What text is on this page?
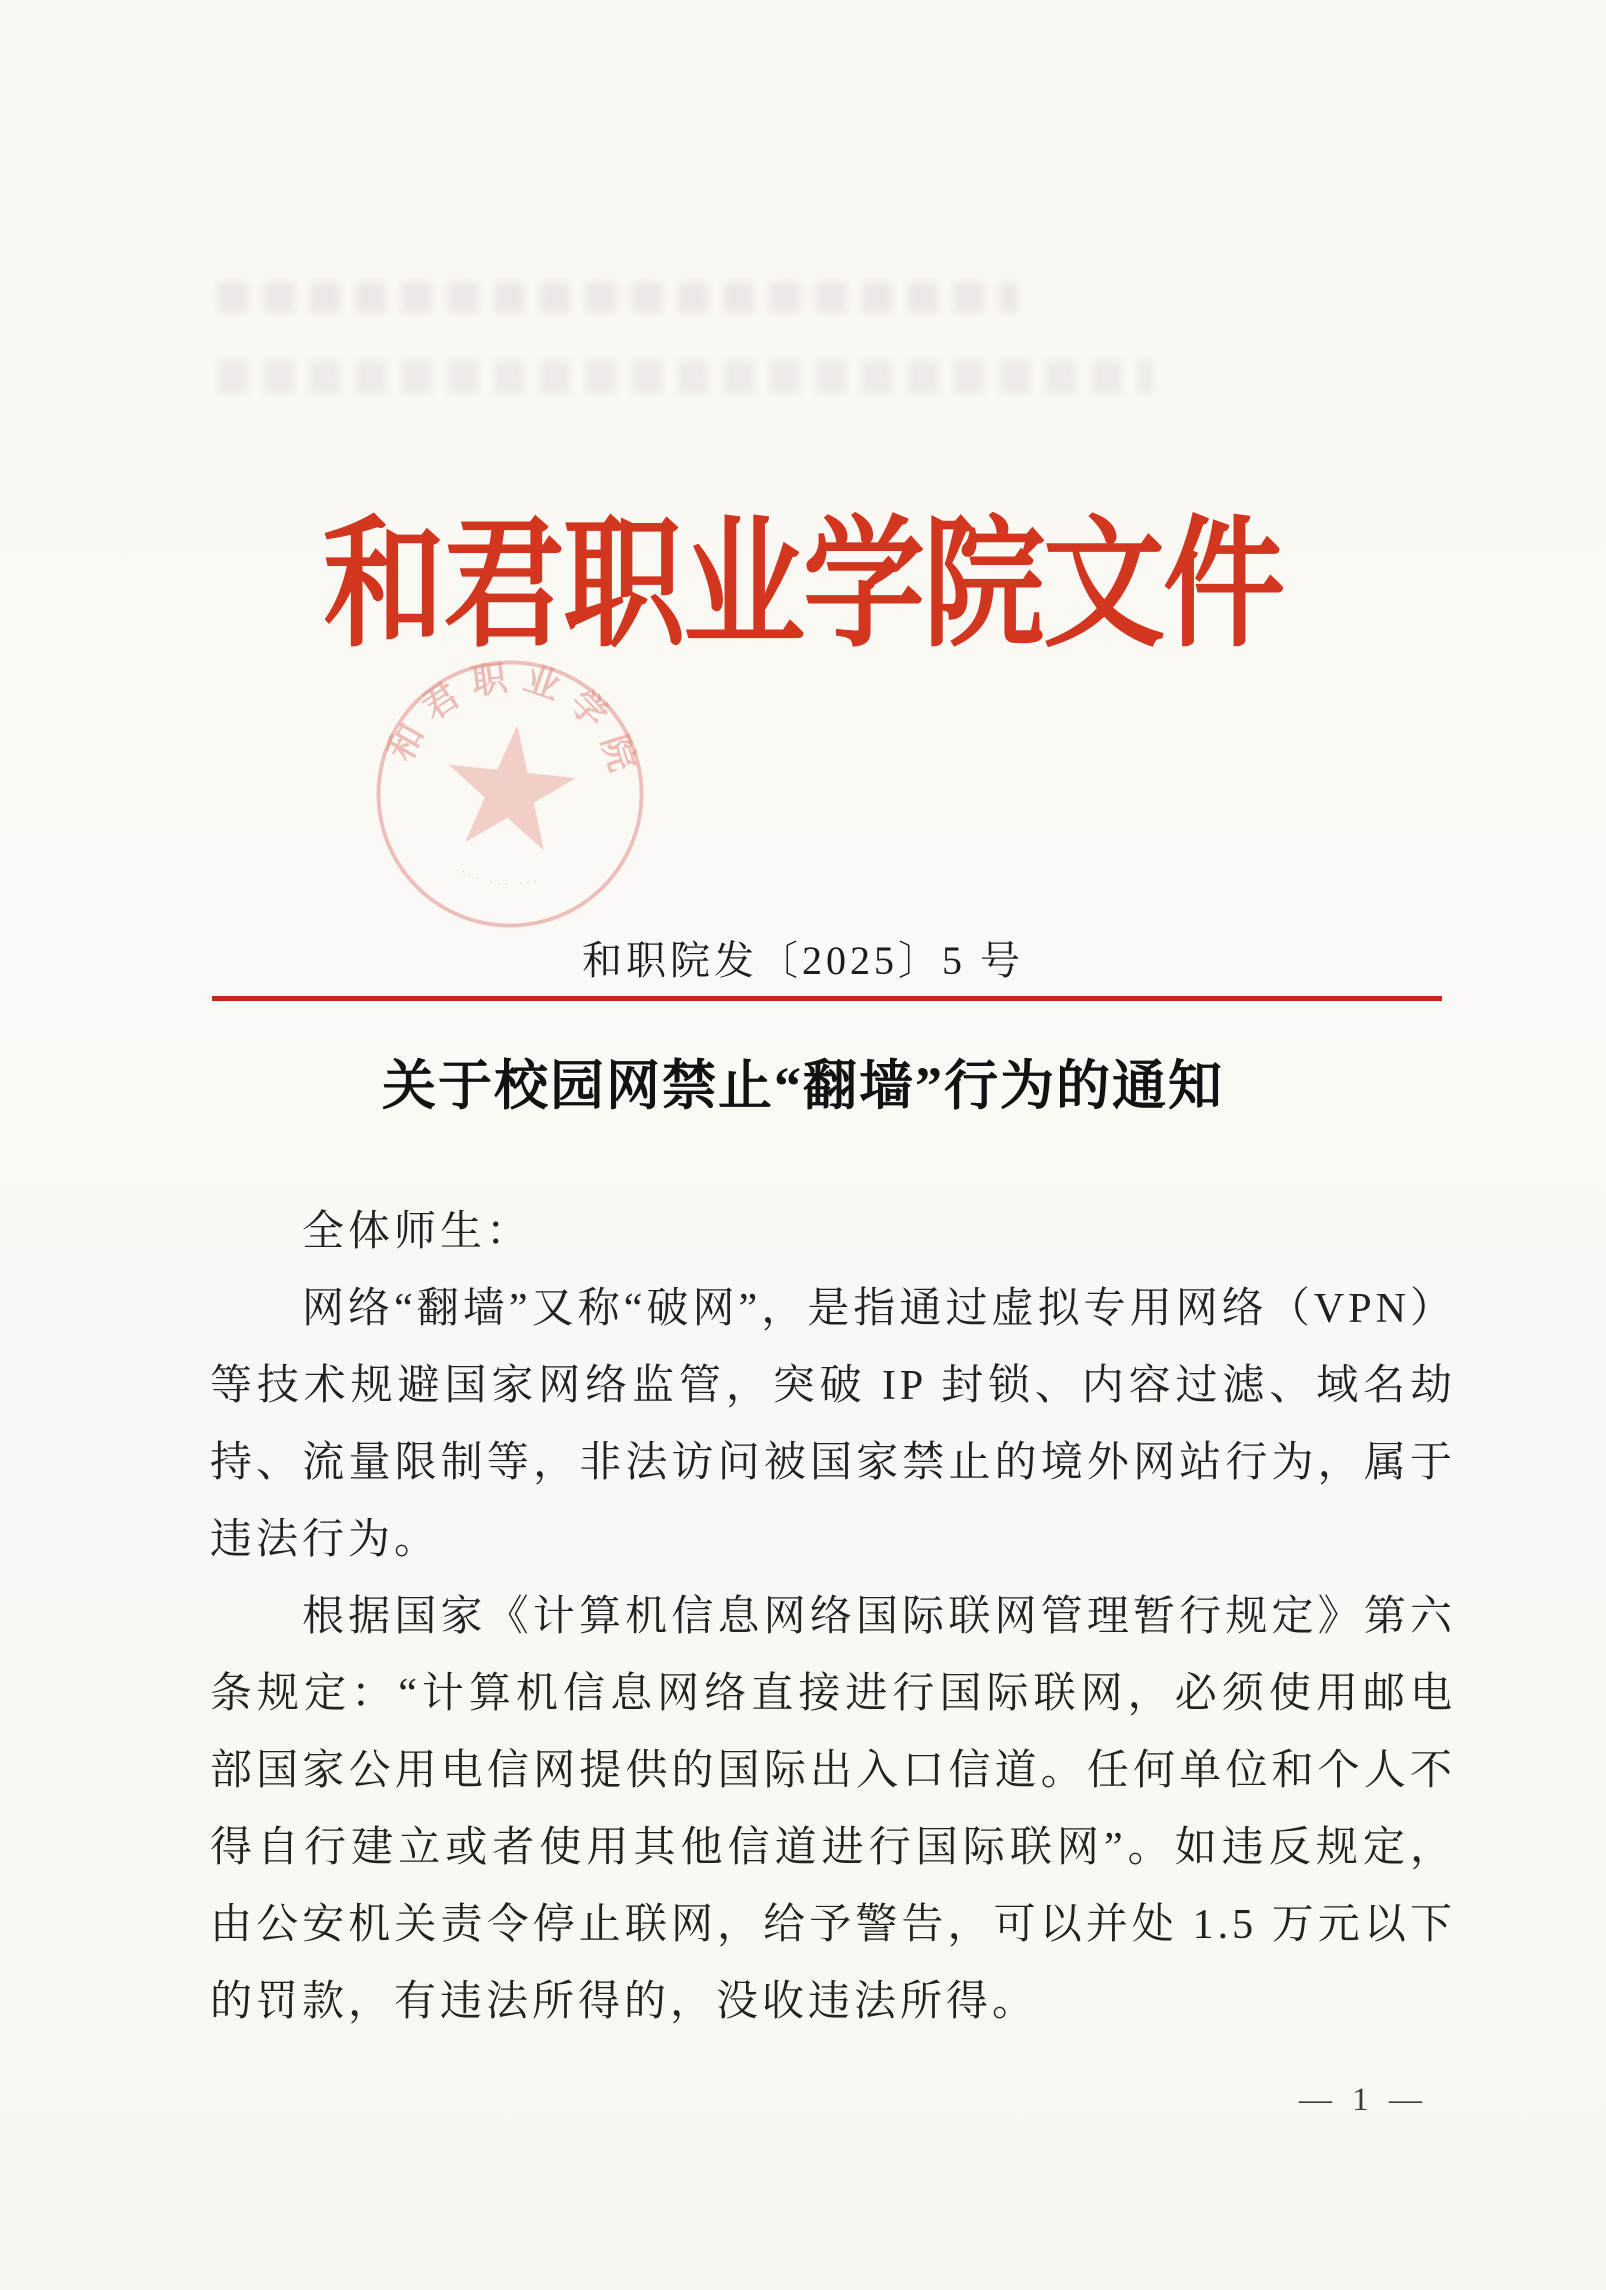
和君职业学院文件
和君职业学院
··· ··· ···

和职院发〔2025〕5 号

关于校园网禁止“翻墙”行为的通知

全体师生：

网络“翻墙”又称“破网”，是指通过虚拟专用网络（VPN）等技术规避国家网络监管，突破 IP 封锁、内容过滤、域名劫持、流量限制等，非法访问被国家禁止的境外网站行为，属于违法行为。

根据国家《计算机信息网络国际联网管理暂行规定》第六条规定：“计算机信息网络直接进行国际联网，必须使用邮电部国家公用电信网提供的国际出入口信道。任何单位和个人不得自行建立或者使用其他信道进行国际联网”。如违反规定，由公安机关责令停止联网，给予警告，可以并处 1.5 万元以下的罚款，有违法所得的，没收违法所得。

— 1 —
